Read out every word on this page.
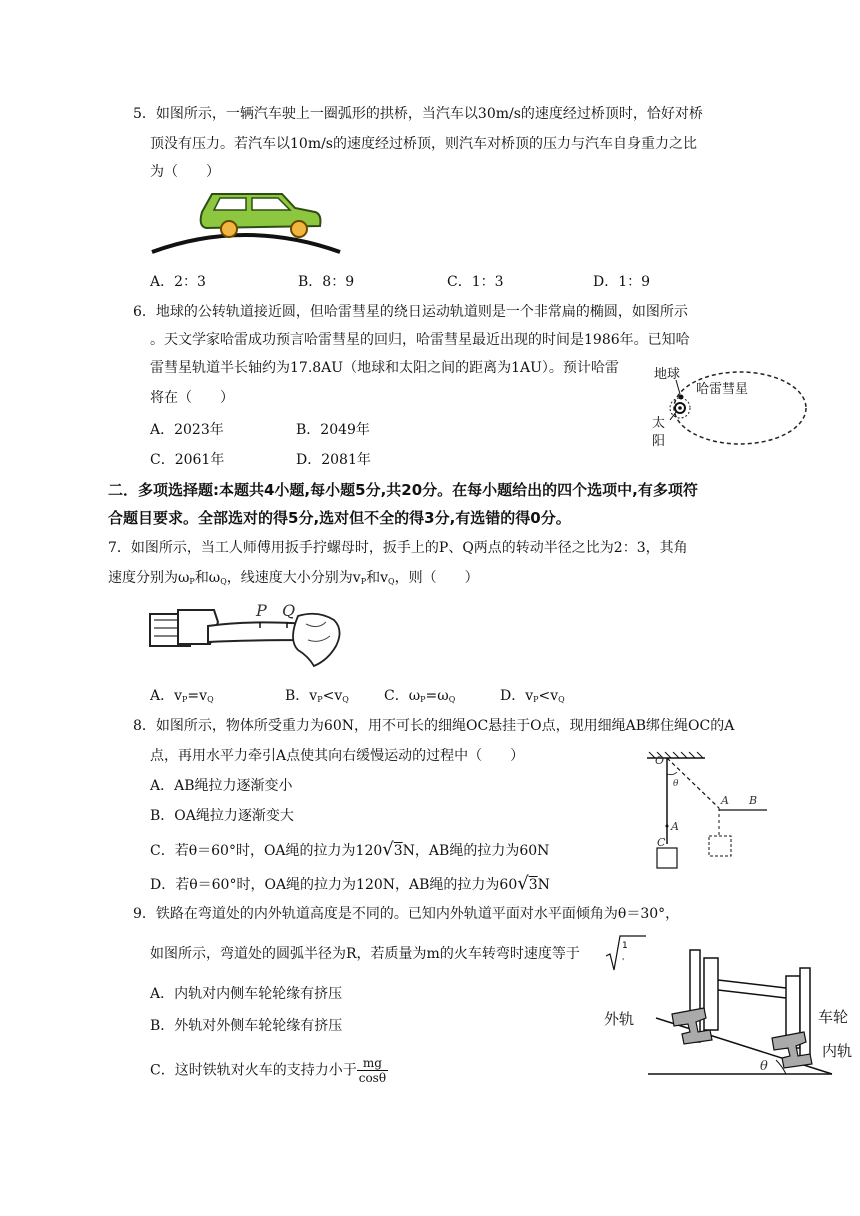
5．如图所示，一辆汽车驶上一圈弧形的拱桥，当汽车以30m/s的速度经过桥顶时，恰好对桥
顶没有压力。若汽车以10m/s的速度经过桥顶，则汽车对桥顶的压力与汽车自身重力之比
为（　　）
A．2：3	B．8：9	C．1：3	D．1：9
6．地球的公转轨道接近圆，但哈雷彗星的绕日运动轨道则是一个非常扁的椭圆，如图所示
。天文学家哈雷成功预言哈雷彗星的回归，哈雷彗星最近出现的时间是1986年。已知哈
雷彗星轨道半长轴约为17.8AU（地球和太阳之间的距离为1AU）。预计哈雷
将在（　　）
地球
哈雷彗星
太
阳
A．2023年	B．2049年
C．2061年	D．2081年
二．多项选择题:本题共4小题,每小题5分,共20分。在每小题给出的四个选项中,有多项符
合题目要求。全部选对的得5分,选对但不全的得3分,有选错的得0分。
7．如图所示，当工人师傅用扳手拧螺母时，扳手上的P、Q两点的转动半径之比为2：3，其角
速度分别为$\omega_P$和$\omega_Q$，线速度大小分别为$v_P$和$v_Q$，则（　　）
P Q
A．$v_P=v_Q$	B．$v_P<v_Q$	C．$\omega_P=\omega_Q$	D．$v_P<v_Q$
8．如图所示，物体所受重力为60N，用不可长的细绳OC悬挂于O点，现用细绳AB绑住绳OC的A
点，再用水平力牵引A点使其向右缓慢运动的过程中（　　）
A．AB绳拉力逐渐变小
B．OA绳拉力逐渐变大
C．若θ＝60°时，OA绳的拉力为120√3N，AB绳的拉力为60N
D．若θ＝60°时，OA绳的拉力为120N，AB绳的拉力为60√3N
O
θ
A B
A
C
9．铁路在弯道处的内外轨道高度是不同的。已知内外轨道平面对水平面倾角为θ＝30°，
如图所示，弯道处的圆弧半径为R，若质量为m的火车转弯时速度等于	1
'
A．内轨对内侧车轮轮缘有挤压
B．外轨对外侧车轮轮缘有挤压
C．这时铁轨对火车的支持力小于 $\frac{mg}{\cos\theta}$	θ
外轨	车轮
内轨
